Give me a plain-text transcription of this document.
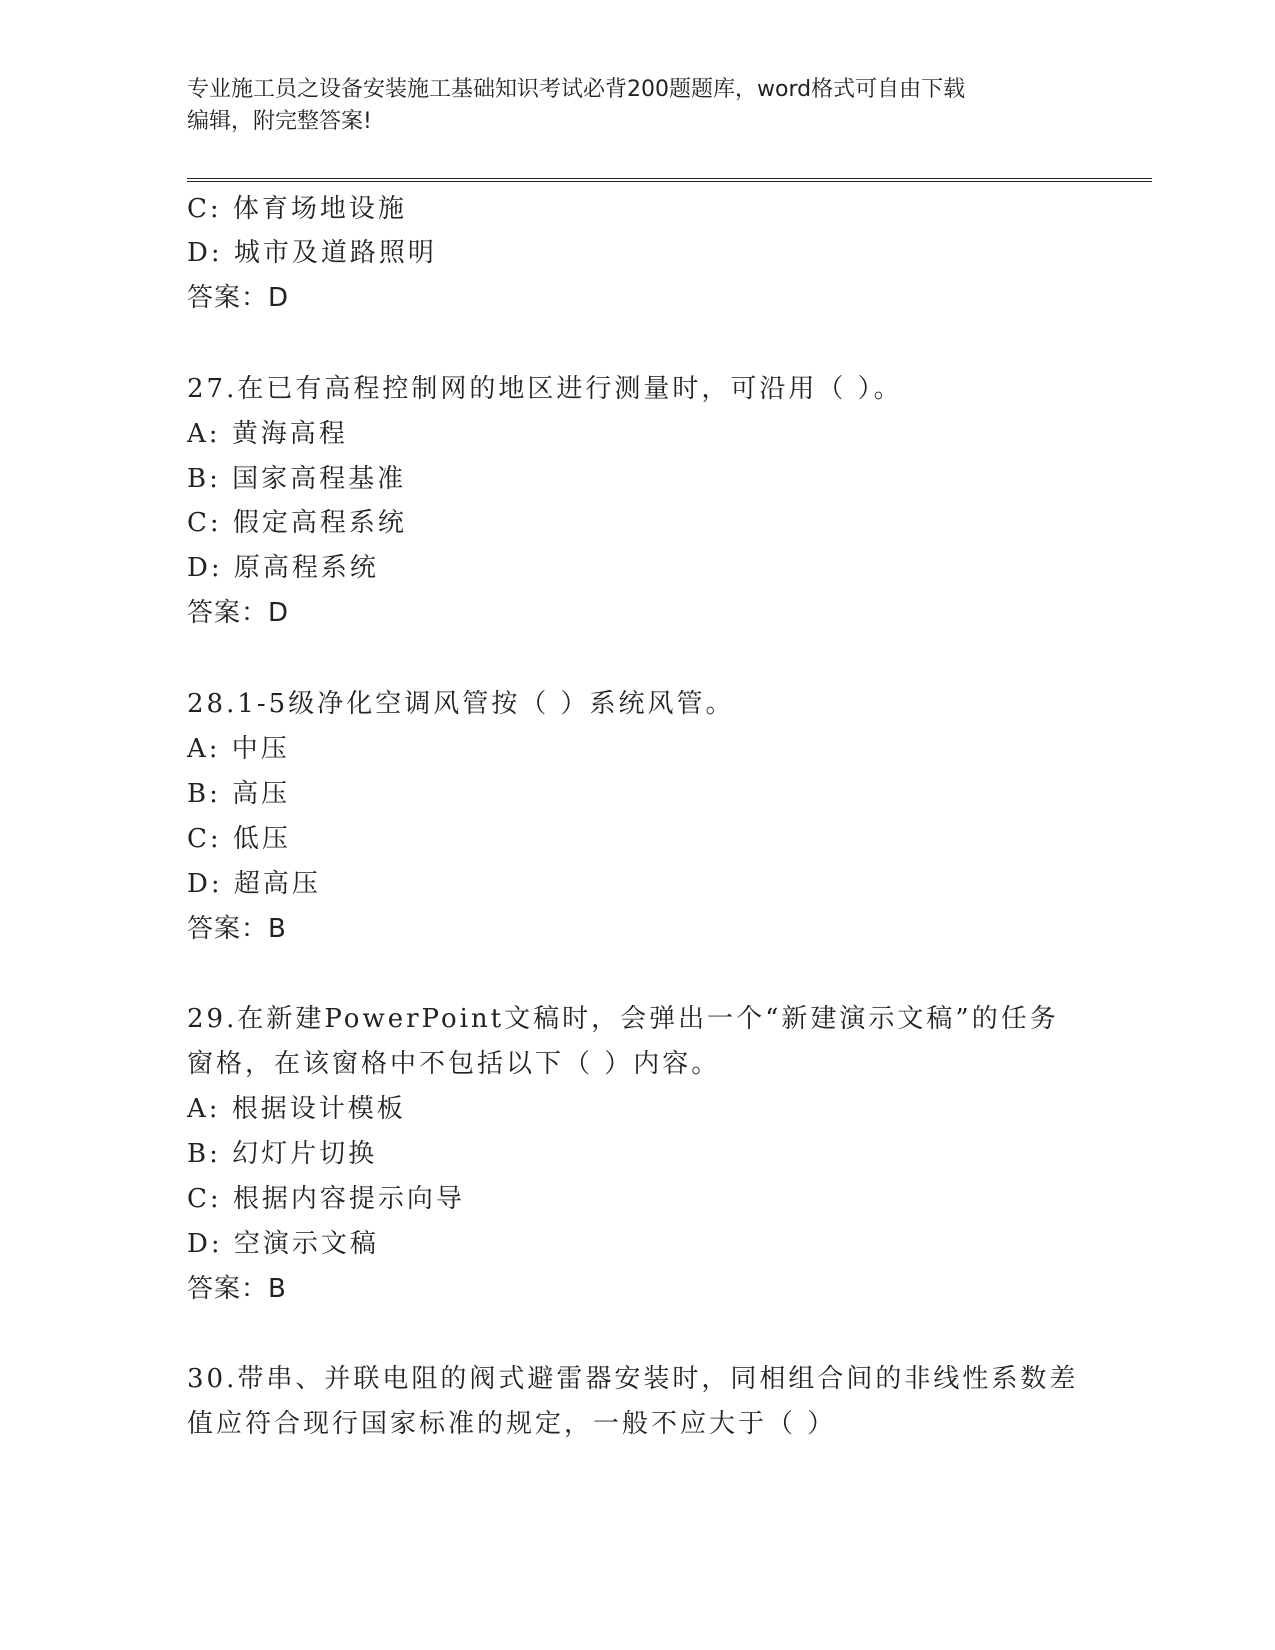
专业施工员之设备安装施工基础知识考试必背200题题库，word格式可自由下载
编辑，附完整答案!
C: 体育场地设施
D: 城市及道路照明
答案：D
27.在已有高程控制网的地区进行测量时，可沿用（ ）。
A: 黄海高程
B: 国家高程基准
C: 假定高程系统
D: 原高程系统
答案：D
28.1-5级净化空调风管按（ ）系统风管。
A: 中压
B: 高压
C: 低压
D: 超高压
答案：B
29.在新建PowerPoint文稿时，会弹出一个“新建演示文稿”的任务
窗格，在该窗格中不包括以下（ ）内容。
A: 根据设计模板
B: 幻灯片切换
C: 根据内容提示向导
D: 空演示文稿
答案：B
30.带串、并联电阻的阀式避雷器安装时，同相组合间的非线性系数差
值应符合现行国家标准的规定，一般不应大于（ ）
